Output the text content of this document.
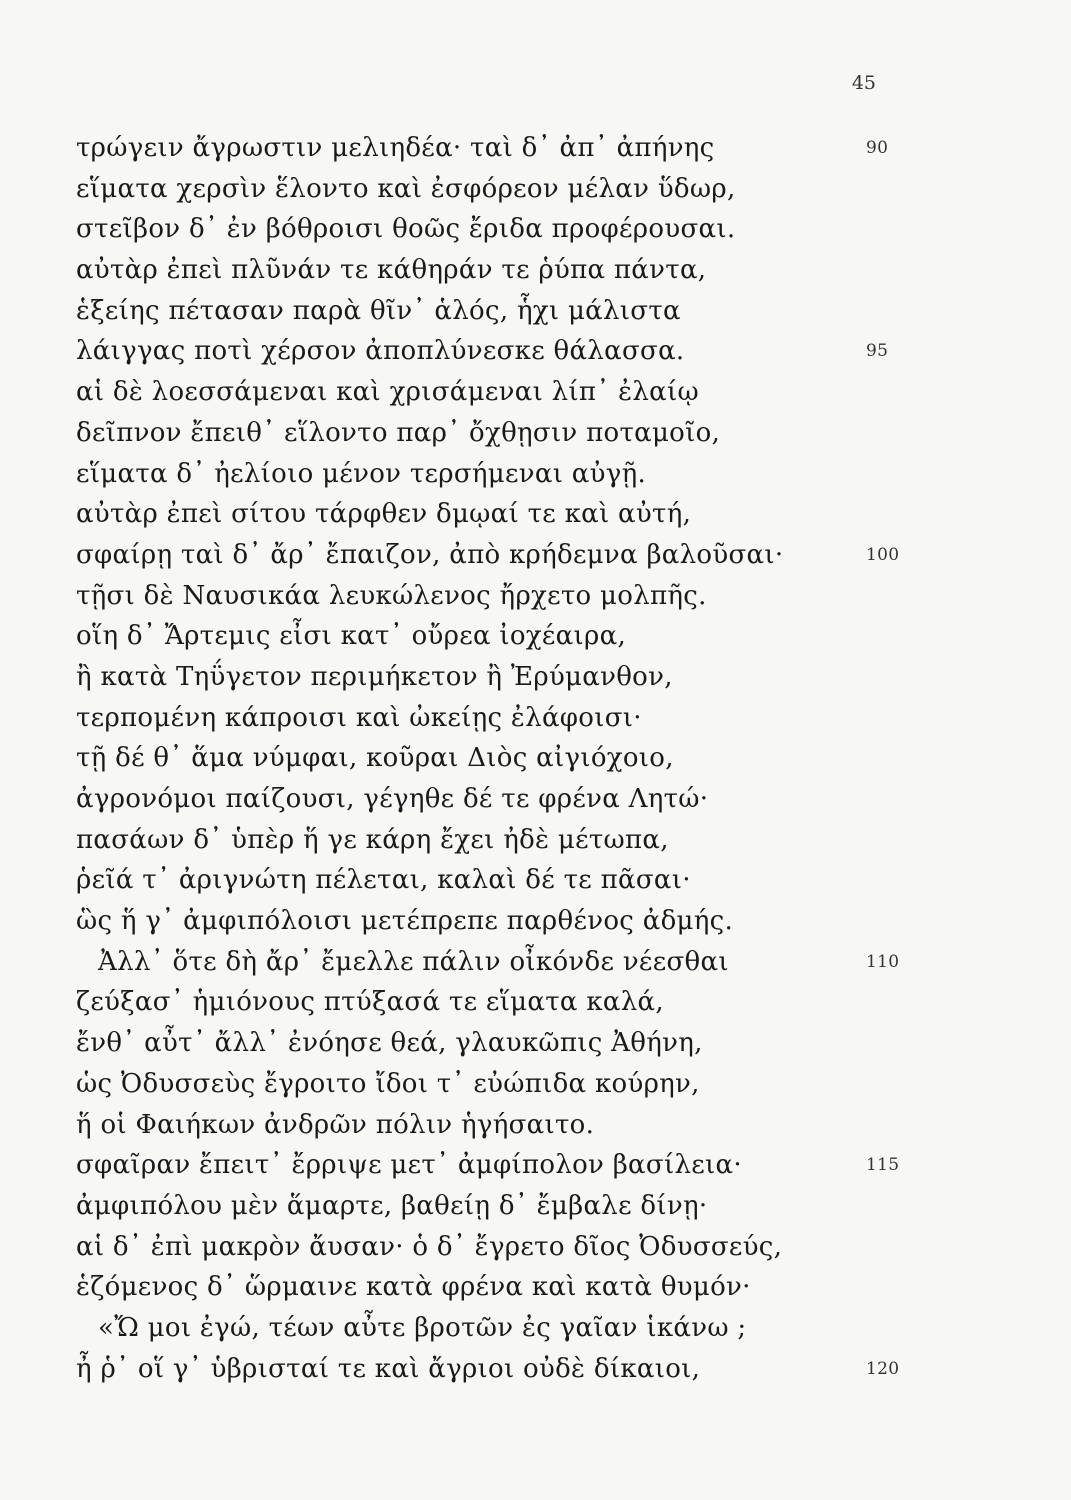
45
τρώγειν ἄγρωστιν μελιηδέα· ταὶ δ᾽ ἀπ᾽ ἀπήνης	90
εἵματα χερσὶν ἕλοντο καὶ ἐσφόρεον μέλαν ὕδωρ,
στεῖβον δ᾽ ἐν βόθροισι θοῶς ἔριδα προφέρουσαι.
αὐτὰρ ἐπεὶ πλῦνάν τε κάθηράν τε ῥύπα πάντα,
ἑξείης πέτασαν παρὰ θῖν᾽ ἁλός, ἧχι μάλιστα
λάιγγας ποτὶ χέρσον ἀποπλύνεσκε θάλασσα.	95
αἱ δὲ λοεσσάμεναι καὶ χρισάμεναι λίπ᾽ ἐλαίῳ
δεῖπνον ἔπειθ᾽ εἵλοντο παρ᾽ ὄχθῃσιν ποταμοῖο,
εἵματα δ᾽ ἠελίοιο μένον τερσήμεναι αὐγῇ.
αὐτὰρ ἐπεὶ σίτου τάρφθεν δμῳαί τε καὶ αὐτή,
σφαίρῃ ταὶ δ᾽ ἄρ᾽ ἔπαιζον, ἀπὸ κρήδεμνα βαλοῦσαι·	100
τῇσι δὲ Ναυσικάα λευκώλενος ἤρχετο μολπῆς.
οἵη δ᾽ Ἄρτεμις εἶσι κατ᾽ οὔρεα ἰοχέαιρα,
ἢ κατὰ Τηΰγετον περιμήκετον ἢ Ἐρύμανθον,
τερπομένη κάπροισι καὶ ὠκείῃς ἐλάφοισι·
τῇ δέ θ᾽ ἅμα νύμφαι, κοῦραι Διὸς αἰγιόχοιο,
ἀγρονόμοι παίζουσι, γέγηθε δέ τε φρένα Λητώ·
πασάων δ᾽ ὑπὲρ ἥ γε κάρη ἔχει ἠδὲ μέτωπα,
ῥεῖά τ᾽ ἀριγνώτη πέλεται, καλαὶ δέ τε πᾶσαι·
ὣς ἥ γ᾽ ἀμφιπόλοισι μετέπρεπε παρθένος ἀδμής.
Ἀλλ᾽ ὅτε δὴ ἄρ᾽ ἔμελλε πάλιν οἶκόνδε νέεσθαι	110
ζεύξασ᾽ ἡμιόνους πτύξασά τε εἵματα καλά,
ἔνθ᾽ αὖτ᾽ ἄλλ᾽ ἐνόησε θεά, γλαυκῶπις Ἀθήνη,
ὡς Ὀδυσσεὺς ἔγροιτο ἴδοι τ᾽ εὐώπιδα κούρην,
ἥ οἱ Φαιήκων ἀνδρῶν πόλιν ἡγήσαιτο.
σφαῖραν ἔπειτ᾽ ἔρριψε μετ᾽ ἀμφίπολον βασίλεια·	115
ἀμφιπόλου μὲν ἅμαρτε, βαθείῃ δ᾽ ἔμβαλε δίνῃ·
αἱ δ᾽ ἐπὶ μακρὸν ἄυσαν· ὁ δ᾽ ἔγρετο δῖος Ὀδυσσεύς,
ἑζόμενος δ᾽ ὥρμαινε κατὰ φρένα καὶ κατὰ θυμόν·
«Ὤ μοι ἐγώ, τέων αὖτε βροτῶν ἐς γαῖαν ἱκάνω ;
ἦ ῥ᾽ οἵ γ᾽ ὑβρισταί τε καὶ ἄγριοι οὐδὲ δίκαιοι,	120
